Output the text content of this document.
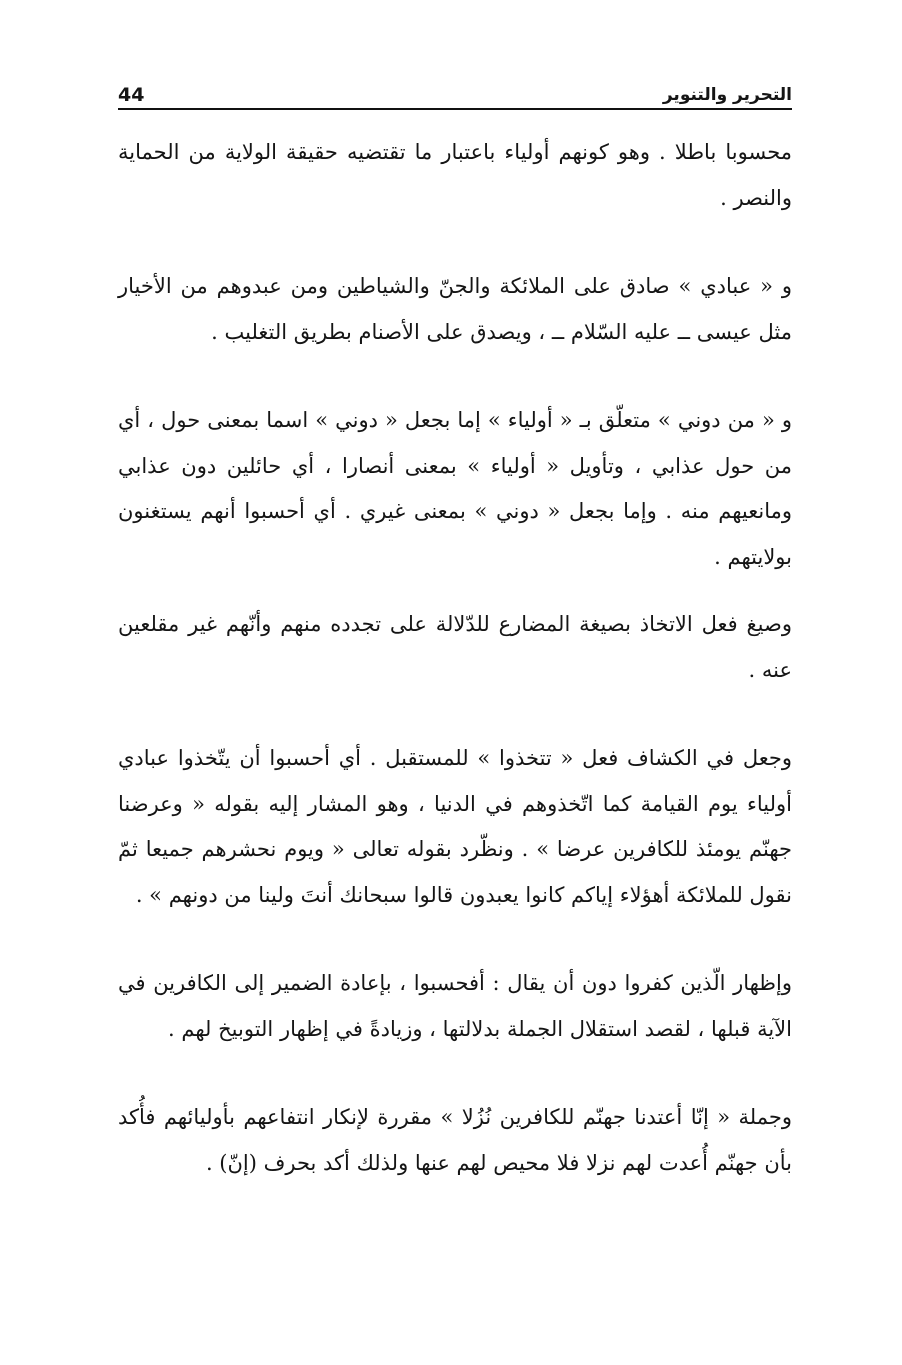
44	التحرير والتنوير

محسوبا باطلا . وهو كونهم أولياء باعتبار ما تقتضيه حقيقة الولاية من الحماية والنصر .

و « عبادي » صادق على الملائكة والجنّ والشياطين ومن عبدوهم من الأخيار مثل عيسى ــ عليه السّلام ــ ، ويصدق على الأصنام بطريق التغليب .

و « من دوني » متعلّق بـ « أولياء » إما بجعل « دوني » اسما بمعنى حول ، أي من حول عذابي ، وتأويل « أولياء » بمعنى أنصارا ، أي حائلين دون عذابي ومانعيهم منه . وإما بجعل « دوني » بمعنى غيري . أي أحسبوا أنهم يستغنون بولايتهم .

وصيغ فعل الاتخاذ بصيغة المضارع للدّلالة على تجدده منهم وأنّهم غير مقلعين عنه .

وجعل في الكشاف فعل « تتخذوا » للمستقبل . أي أحسبوا أن يتّخذوا عبادي أولياء يوم القيامة كما اتّخذوهم في الدنيا ، وهو المشار إليه بقوله « وعرضنا جهنّم يومئذ للكافرين عرضا » . ونظّرد بقوله تعالى « ويوم نحشرهم جميعا ثمّ نقول للملائكة أهؤلاء إياكم كانوا يعبدون قالوا سبحانك أنتَ ولينا من دونهم » .

وإظهار الّذين كفروا دون أن يقال : أفحسبوا ، بإعادة الضمير إلى الكافرين في الآية قبلها ، لقصد استقلال الجملة بدلالتها ، وزيادةً في إظهار التوبيخ لهم .

وجملة « إنّا أعتدنا جهنّم للكافرين نُزُلا » مقررة لإنكار انتفاعهم بأوليائهم فأُكد بأن جهنّم أُعدت لهم نزلا فلا محيص لهم عنها ولذلك أكد بحرف (إنّ) .
